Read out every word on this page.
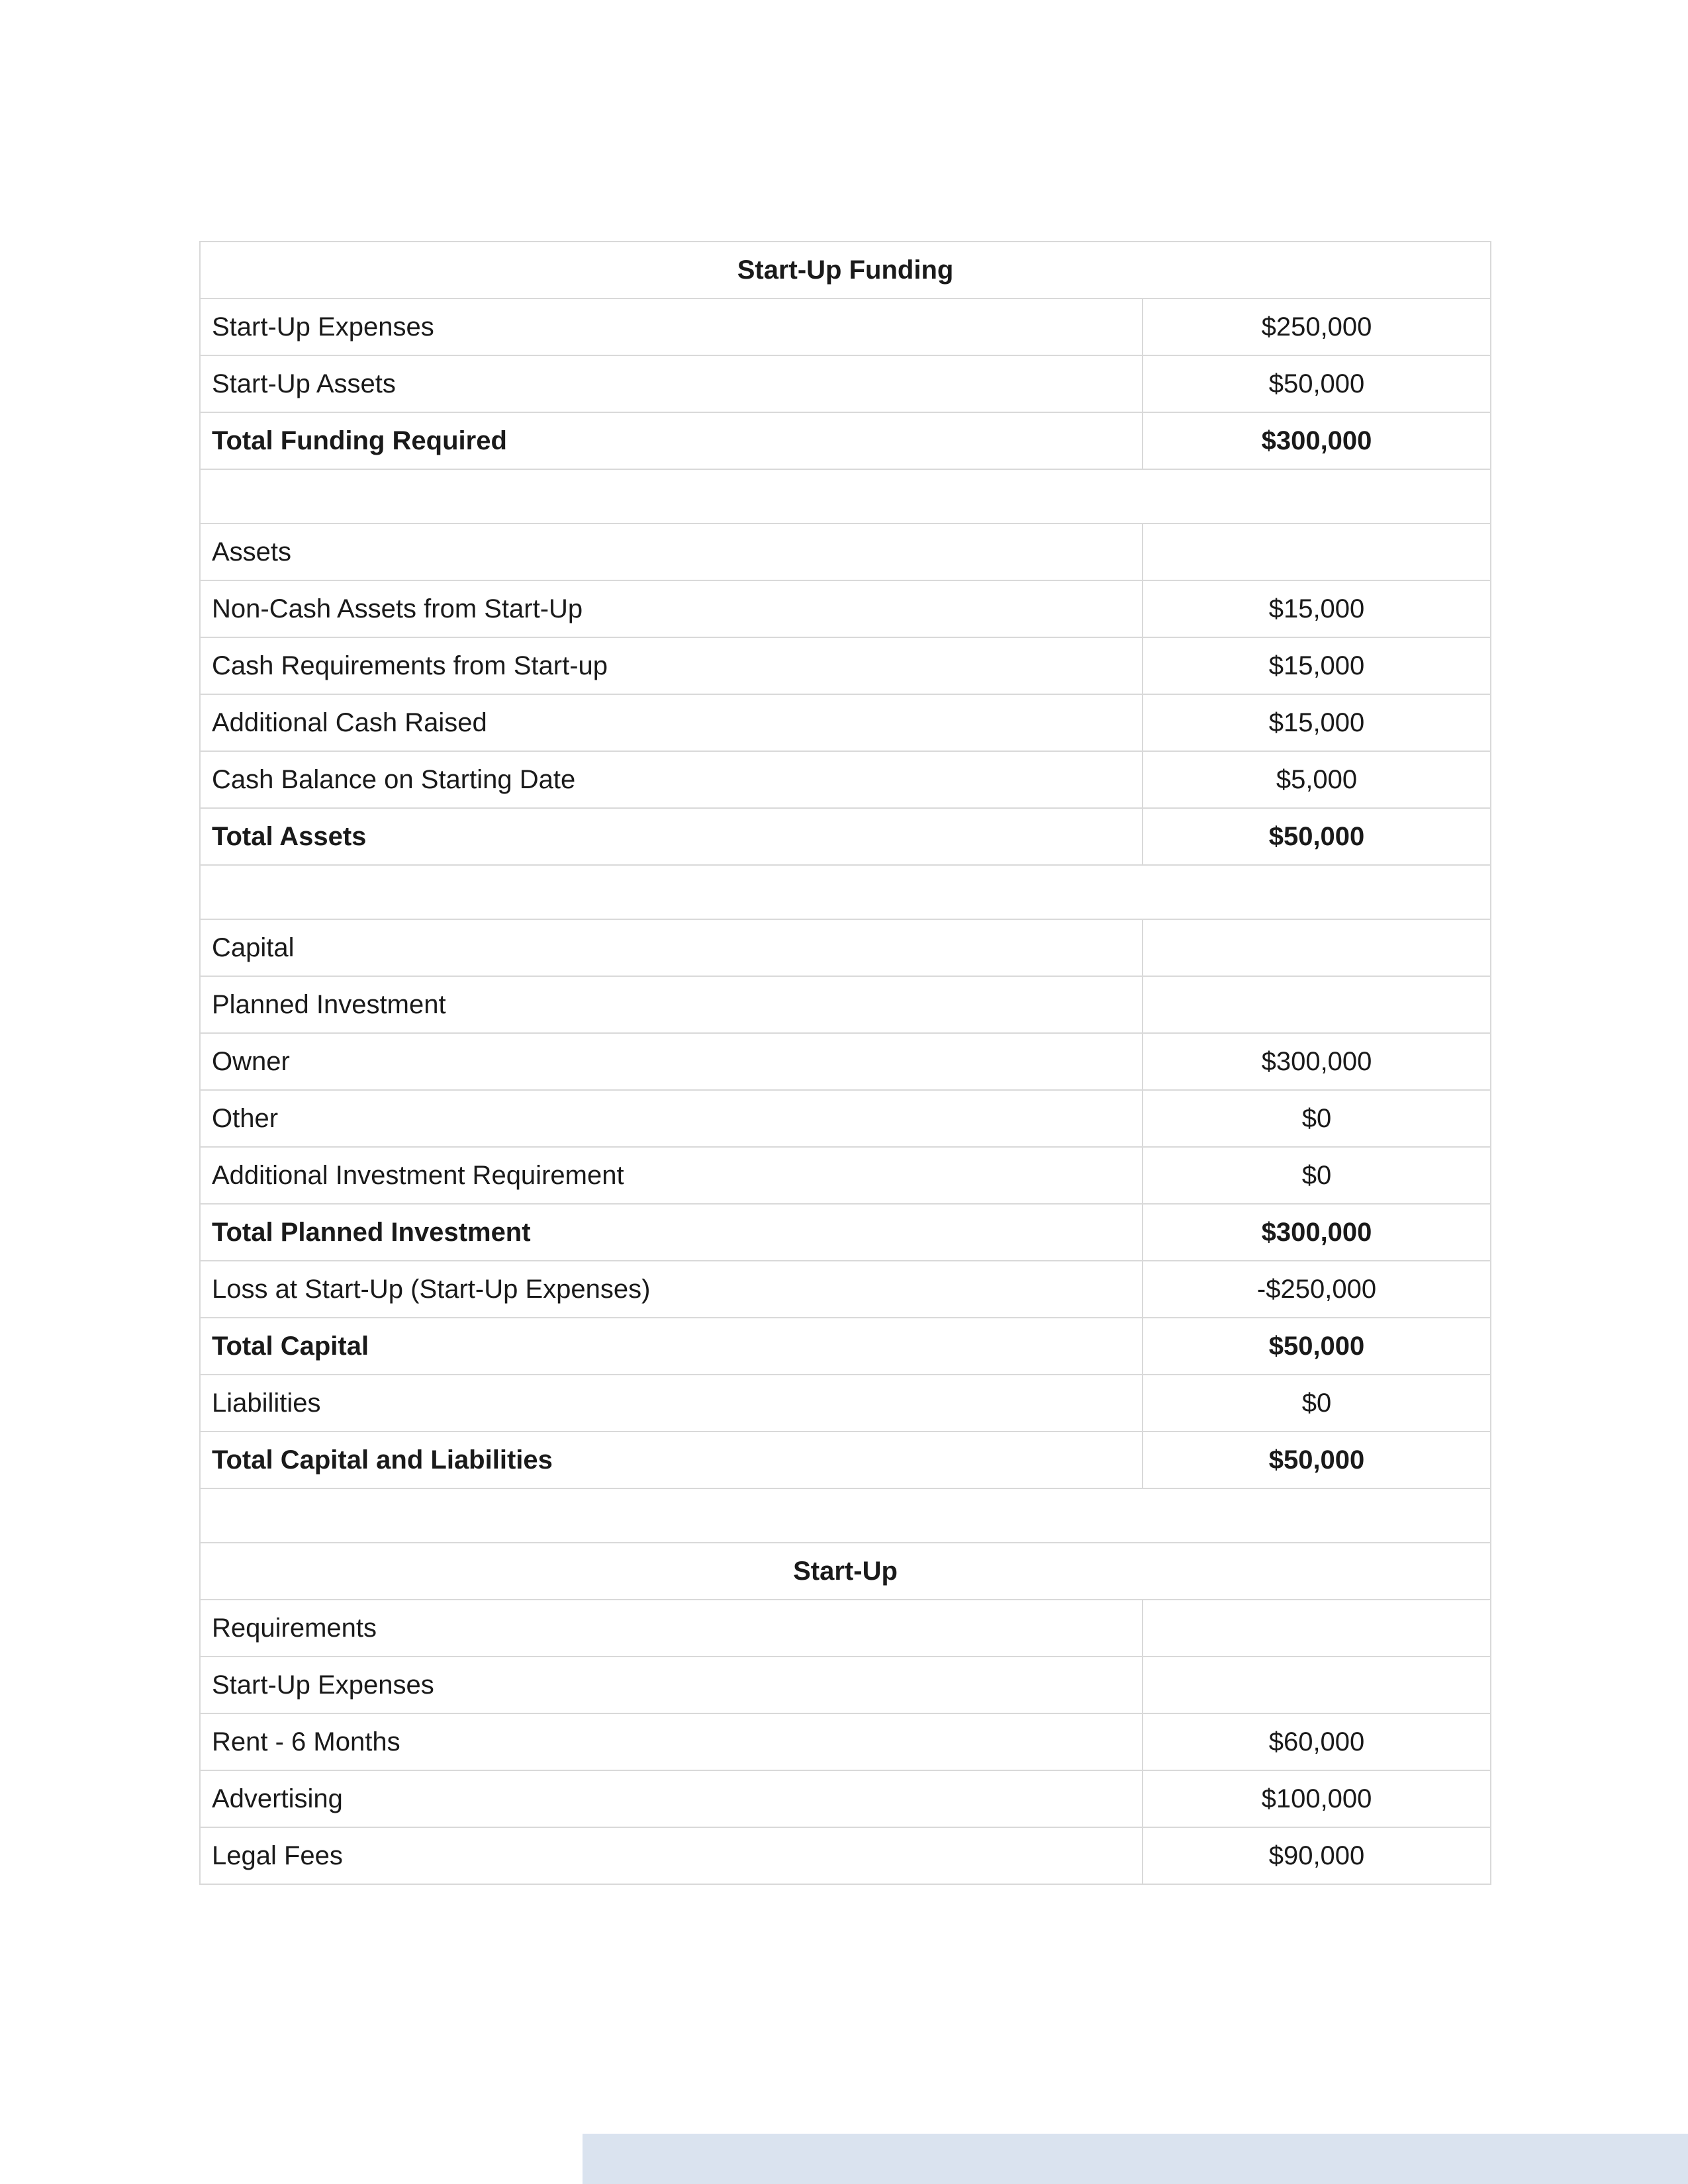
Start-Up Funding	
Start-Up Expenses	$250,000
Start-Up Assets	$50,000
Total Funding Required	$300,000

Assets	
Non-Cash Assets from Start-Up	$15,000
Cash Requirements from Start-up	$15,000
Additional Cash Raised	$15,000
Cash Balance on Starting Date	$5,000
Total Assets	$50,000

Capital	
Planned Investment	
Owner	$300,000
Other	$0
Additional Investment Requirement	$0
Total Planned Investment	$300,000
Loss at Start-Up (Start-Up Expenses)	-$250,000
Total Capital	$50,000
Liabilities	$0
Total Capital and Liabilities	$50,000

Start-Up	
Requirements	
Start-Up Expenses	
Rent - 6 Months	$60,000
Advertising	$100,000
Legal Fees	$90,000
